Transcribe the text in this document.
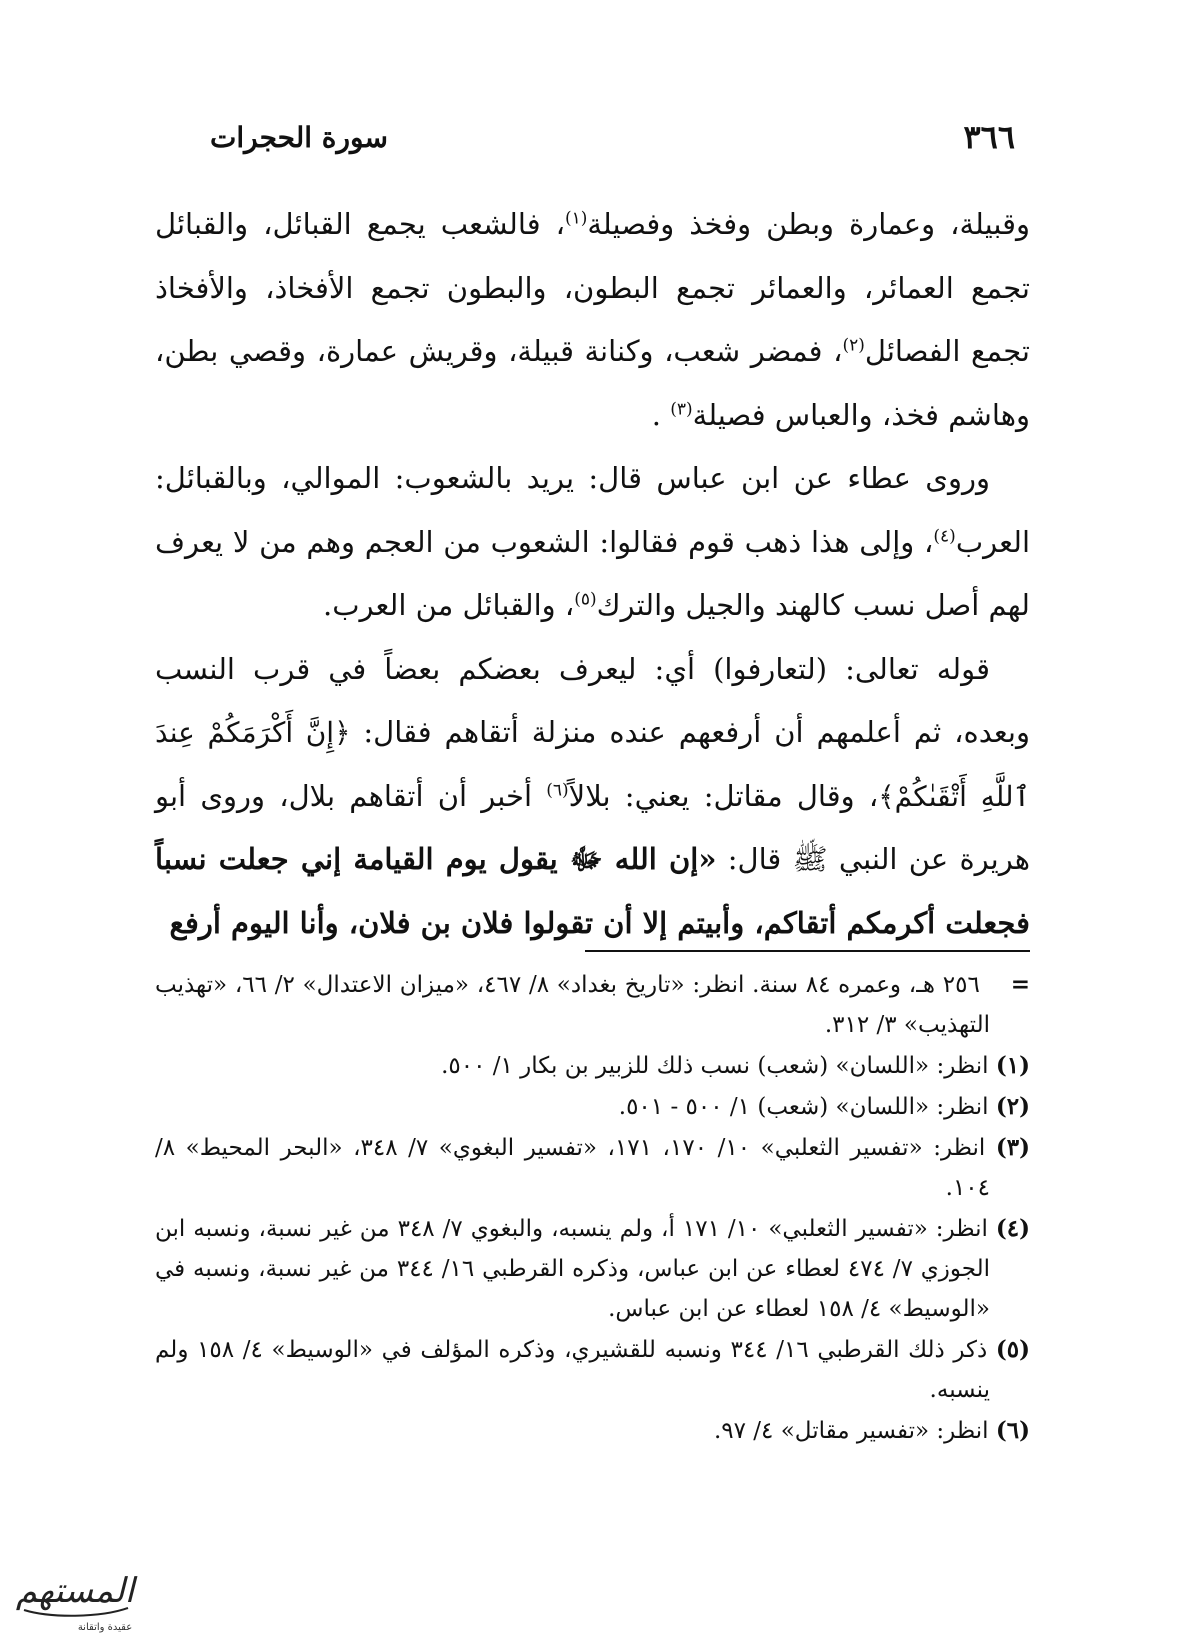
سورة الحجرات	٣٦٦

وقبيلة، وعمارة وبطن وفخذ وفصيلة$^{(١)}$، فالشعب يجمع القبائل، والقبائل تجمع العمائر، والعمائر تجمع البطون، والبطون تجمع الأفخاذ، والأفخاذ تجمع الفصائل$^{(٢)}$، فمضر شعب، وكنانة قبيلة، وقريش عمارة، وقصي بطن، وهاشم فخذ، والعباس فصيلة$^{(٣)}$ .

وروى عطاء عن ابن عباس قال: يريد بالشعوب: الموالي، وبالقبائل: العرب$^{(٤)}$، وإلى هذا ذهب قوم فقالوا: الشعوب من العجم وهم من لا يعرف لهم أصل نسب كالهند والجيل والترك$^{(٥)}$، والقبائل من العرب.

قوله تعالى: (لتعارفوا) أي: ليعرف بعضكم بعضاً في قرب النسب وبعده، ثم أعلمهم أن أرفعهم عنده منزلة أتقاهم فقال: ﴿إِنَّ أَكْرَمَكُمْ عِندَ ٱللَّهِ أَتْقَىٰكُمْ﴾، وقال مقاتل: يعني: بلالاً$^{(٦)}$ أخبر أن أتقاهم بلال، وروى أبو هريرة عن النبي ﷺ قال: «إن الله ﷻ يقول يوم القيامة إني جعلت نسباً فجعلت أكرمكم أتقاكم، وأبيتم إلا أن تقولوا فلان بن فلان، وأنا اليوم أرفع

=    ٢٥٦ هـ، وعمره ٨٤ سنة. انظر: «تاريخ بغداد» ٨/ ٤٦٧، «ميزان الاعتدال» ٢/ ٦٦، «تهذيب التهذيب» ٣/ ٣١٢.

(١) انظر: «اللسان» (شعب) نسب ذلك للزبير بن بكار ١/ ٥٠٠.

(٢) انظر: «اللسان» (شعب) ١/ ٥٠٠ - ٥٠١.

(٣) انظر: «تفسير الثعلبي» ١٠/ ١٧٠، ١٧١، «تفسير البغوي» ٧/ ٣٤٨، «البحر المحيط» ٨/ ١٠٤.

(٤) انظر: «تفسير الثعلبي» ١٠/ ١٧١ أ، ولم ينسبه، والبغوي ٧/ ٣٤٨ من غير نسبة، ونسبه ابن الجوزي ٧/ ٤٧٤ لعطاء عن ابن عباس، وذكره القرطبي ١٦/ ٣٤٤ من غير نسبة، ونسبه في «الوسيط» ٤/ ١٥٨ لعطاء عن ابن عباس.

(٥) ذكر ذلك القرطبي ١٦/ ٣٤٤ ونسبه للقشيري، وذكره المؤلف في «الوسيط» ٤/ ١٥٨ ولم ينسبه.

(٦) انظر: «تفسير مقاتل» ٤/ ٩٧.

المستهم
عقيدة واتقانة
